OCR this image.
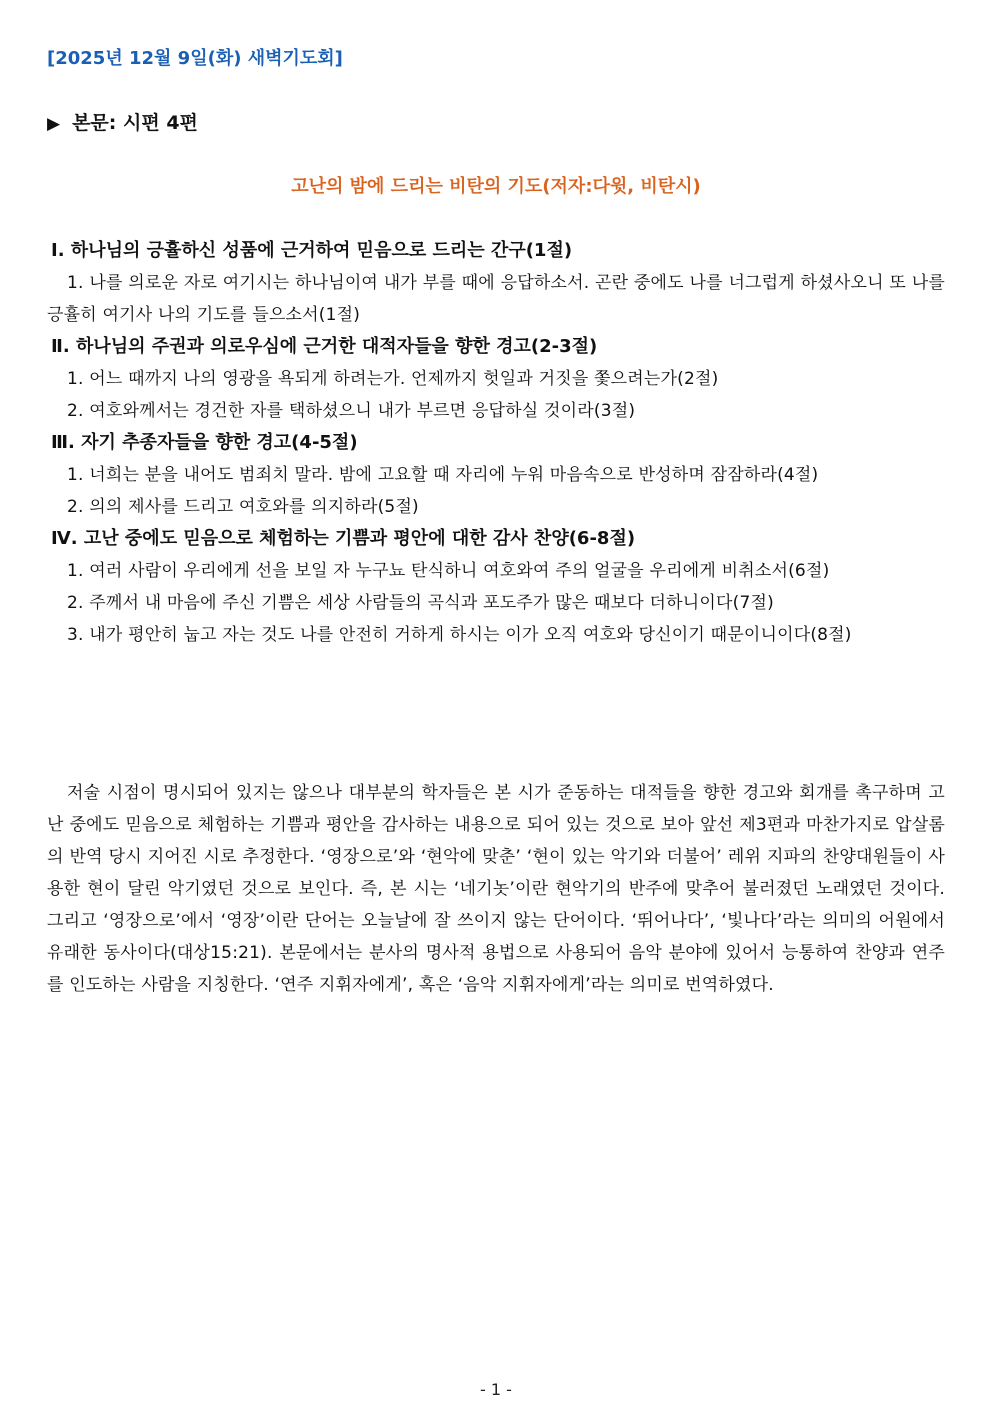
[2025년 12월 9일(화) 새벽기도회]
▶ 본문: 시편 4편
고난의 밤에 드리는 비탄의 기도(저자:다윗, 비탄시)
Ⅰ. 하나님의 긍휼하신 성품에 근거하여 믿음으로 드리는 간구(1절)
1. 나를 의로운 자로 여기시는 하나님이여 내가 부를 때에 응답하소서. 곤란 중에도 나를 너그럽게 하셨사오니 또 나를 긍휼히 여기사 나의 기도를 들으소서(1절)
Ⅱ. 하나님의 주권과 의로우심에 근거한 대적자들을 향한 경고(2-3절)
1. 어느 때까지 나의 영광을 욕되게 하려는가. 언제까지 헛일과 거짓을 쫓으려는가(2절)
2. 여호와께서는 경건한 자를 택하셨으니 내가 부르면 응답하실 것이라(3절)
Ⅲ. 자기 추종자들을 향한 경고(4-5절)
1. 너희는 분을 내어도 범죄치 말라. 밤에 고요할 때 자리에 누워 마음속으로 반성하며 잠잠하라(4절)
2. 의의 제사를 드리고 여호와를 의지하라(5절)
Ⅳ. 고난 중에도 믿음으로 체험하는 기쁨과 평안에 대한 감사 찬양(6-8절)
1. 여러 사람이 우리에게 선을 보일 자 누구뇨 탄식하니 여호와여 주의 얼굴을 우리에게 비취소서(6절)
2. 주께서 내 마음에 주신 기쁨은 세상 사람들의 곡식과 포도주가 많은 때보다 더하니이다(7절)
3. 내가 평안히 눕고 자는 것도 나를 안전히 거하게 하시는 이가 오직 여호와 당신이기 때문이니이다(8절)
저술 시점이 명시되어 있지는 않으나 대부분의 학자들은 본 시가 준동하는 대적들을 향한 경고와 회개를 촉구하며 고난 중에도 믿음으로 체험하는 기쁨과 평안을 감사하는 내용으로 되어 있는 것으로 보아 앞선 제3편과 마찬가지로 압살롬의 반역 당시 지어진 시로 추정한다. ‘영장으로’와 ‘현악에 맞춘’ ‘현이 있는 악기와 더불어’ 레위 지파의 찬양대원들이 사용한 현이 달린 악기였던 것으로 보인다. 즉, 본 시는 ‘네기놋’이란 현악기의 반주에 맞추어 불러졌던 노래였던 것이다. 그리고 ‘영장으로’에서 ‘영장’이란 단어는 오늘날에 잘 쓰이지 않는 단어이다. ‘뛰어나다’, ‘빛나다’라는 의미의 어원에서 유래한 동사이다(대상15:21). 본문에서는 분사의 명사적 용법으로 사용되어 음악 분야에 있어서 능통하여 찬양과 연주를 인도하는 사람을 지칭한다. ‘연주 지휘자에게’, 혹은 ‘음악 지휘자에게’라는 의미로 번역하였다.
- 1 -
